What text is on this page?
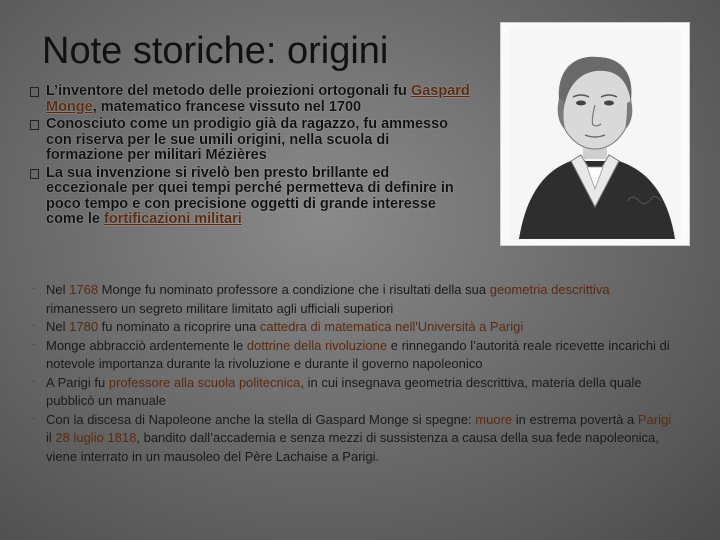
Note storiche: origini
L’inventore del metodo delle proiezioni ortogonali fu Gaspard Monge, matematico francese vissuto nel 1700
Conosciuto come un prodigio già da ragazzo, fu ammesso con riserva per le sue umili origini, nella scuola di formazione per militari Mézières
La sua invenzione si rivelò ben presto brillante ed eccezionale per quei tempi perché permetteva di definire in poco tempo e con precisione oggetti di grande interesse come le fortificazioni militari
· Nel 1768 Monge fu nominato professore a condizione che i risultati della sua geometria descrittiva rimanessero un segreto militare limitato agli ufficiali superiori
· Nel 1780 fu nominato a ricoprire una cattedra di matematica nell'Università a Parigi
· Monge abbracciò ardentemente le dottrine della rivoluzione e rinnegando l’autorità reale ricevette incarichi di notevole importanza durante la rivoluzione e durante il governo napoleonico
· A Parigi fu professore alla scuola politecnica, in cui insegnava geometria descrittiva, materia della quale pubblicò un manuale
· Con la discesa di Napoleone anche la stella di Gaspard Monge si spegne: muore in estrema povertà a Parigi il 28 luglio 1818, bandito dall’accademia e senza mezzi di sussistenza a causa della sua fede napoleonica, viene interrato in un mausoleo del Père Lachaise a Parigi.
